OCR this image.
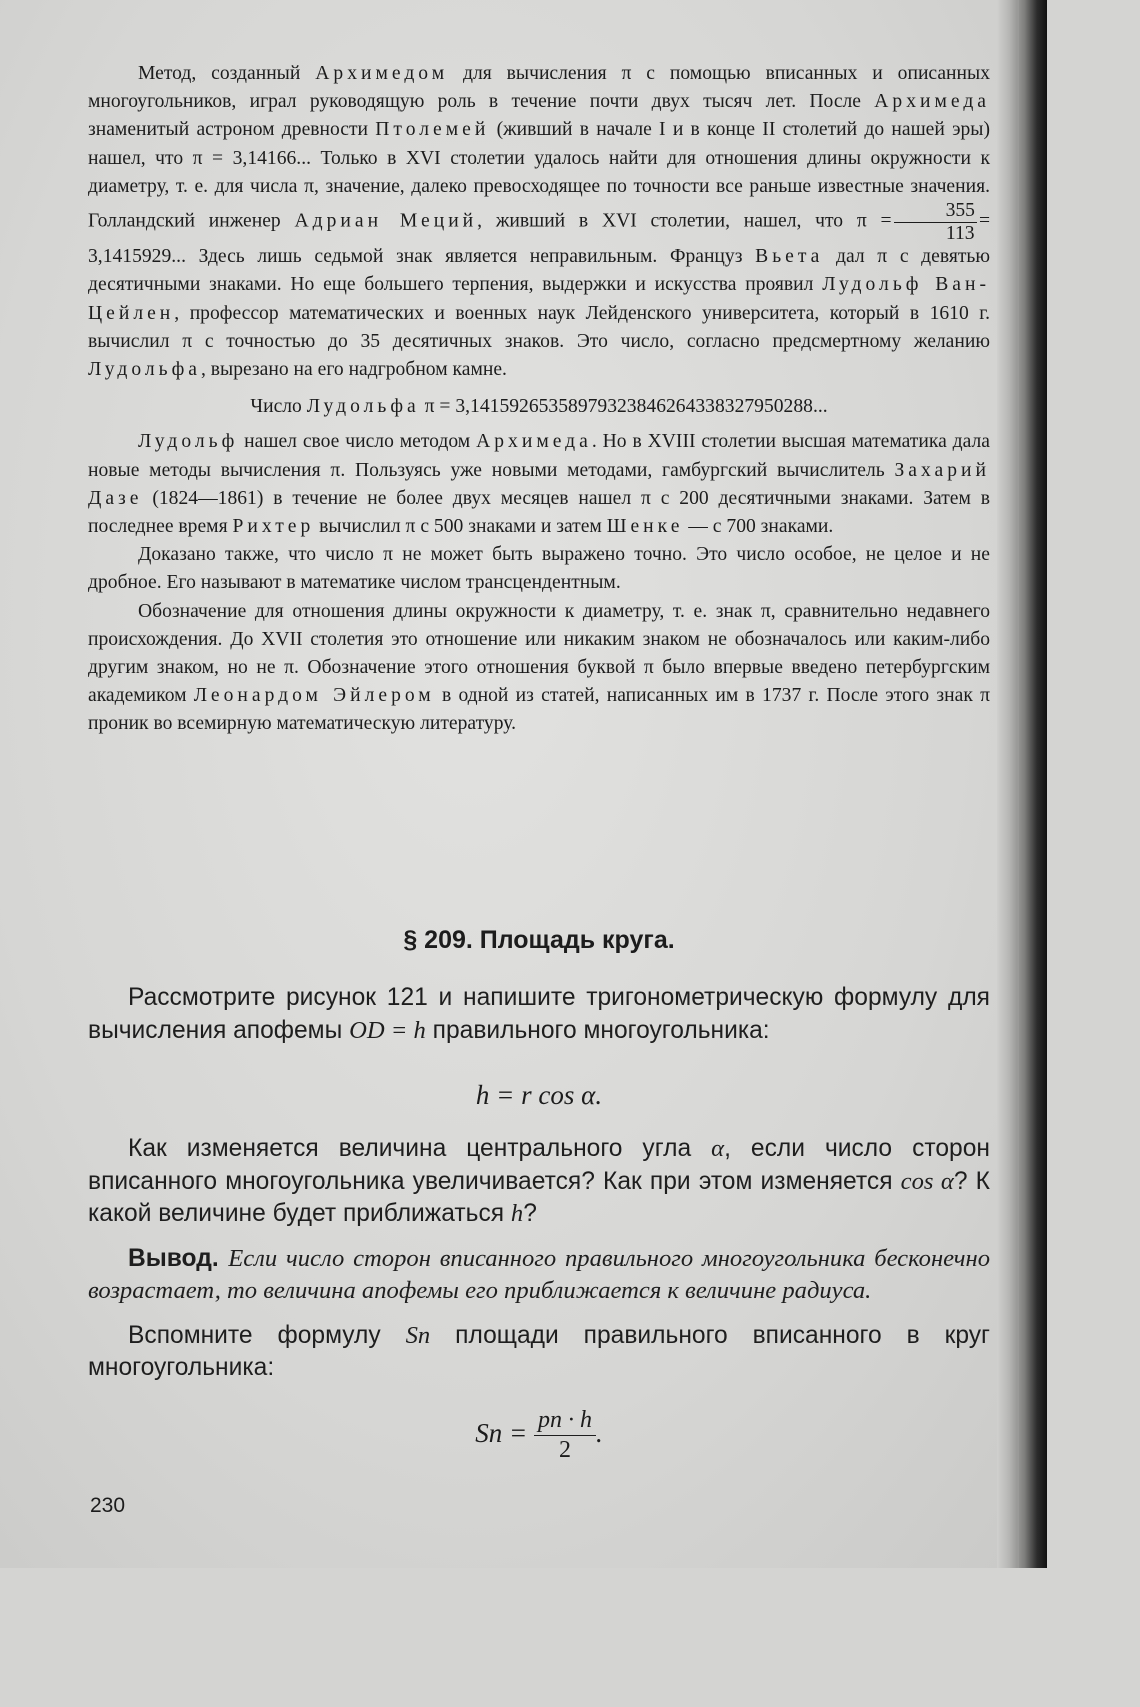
Метод, созданный Архимедом для вычисления π с помощью вписанных и описанных многоугольников, играл руководящую роль в течение почти двух тысяч лет. После Архимеда знаменитый астроном древности Птолемей (живший в начале I и в конце II столетий до нашей эры) нашел, что π = 3,14166... Только в XVI столетии удалось найти для отношения длины окружности к диаметру, т. е. для числа π, значение, далеко превосходящее по точности все раньше известные значения. Голландский инженер Адриан Меций, живший в XVI столетии, нашел, что $\pi = \frac{355}{113} = 3,1415929$... Здесь лишь седьмой знак является неправильным. Француз Вьета дал π с девятью десятичными знаками. Но еще большего терпения, выдержки и искусства проявил Лудольф Ван-Цейлен, профессор математических и военных наук Лейденского университета, который в 1610 г. вычислил π с точностью до 35 десятичных знаков. Это число, согласно предсмертному желанию Лудольфа, вырезано на его надгробном камне.

Число Лудольфа π = 3,14159265358979323846264338327950288...

Лудольф нашел свое число методом Архимеда. Но в XVIII столетии высшая математика дала новые методы вычисления π. Пользуясь уже новыми методами, гамбургский вычислитель Захарий Дазе (1824—1861) в течение не более двух месяцев нашел π с 200 десятичными знаками. Затем в последнее время Рихтер вычислил π с 500 знаками и затем Шенке — с 700 знаками.

Доказано также, что число π не может быть выражено точно. Это число особое, не целое и не дробное. Его называют в математике числом трансцендентным.

Обозначение для отношения длины окружности к диаметру, т. е. знак π, сравнительно недавнего происхождения. До XVII столетия это отношение или никаким знаком не обозначалось или каким-либо другим знаком, но не π. Обозначение этого отношения буквой π было впервые введено петербургским академиком Леонардом Эйлером в одной из статей, написанных им в 1737 г. После этого знак π проник во всемирную математическую литературу.

§ 209. Площадь круга.

Рассмотрите рисунок 121 и напишите тригонометрическую формулу для вычисления апофемы OD = h правильного многоугольника:

h = r cos α.

Как изменяется величина центрального угла α, если число сторон вписанного многоугольника увеличивается? Как при этом изменяется cos α? К какой величине будет приближаться h?

Вывод. Если число сторон вписанного правильного многоугольника бесконечно возрастает, то величина апофемы его приближается к величине радиуса.

Вспомните формулу Sn площади правильного вписанного в круг многоугольника:

$Sn = \frac{pn \cdot h}{2}$ .
230
